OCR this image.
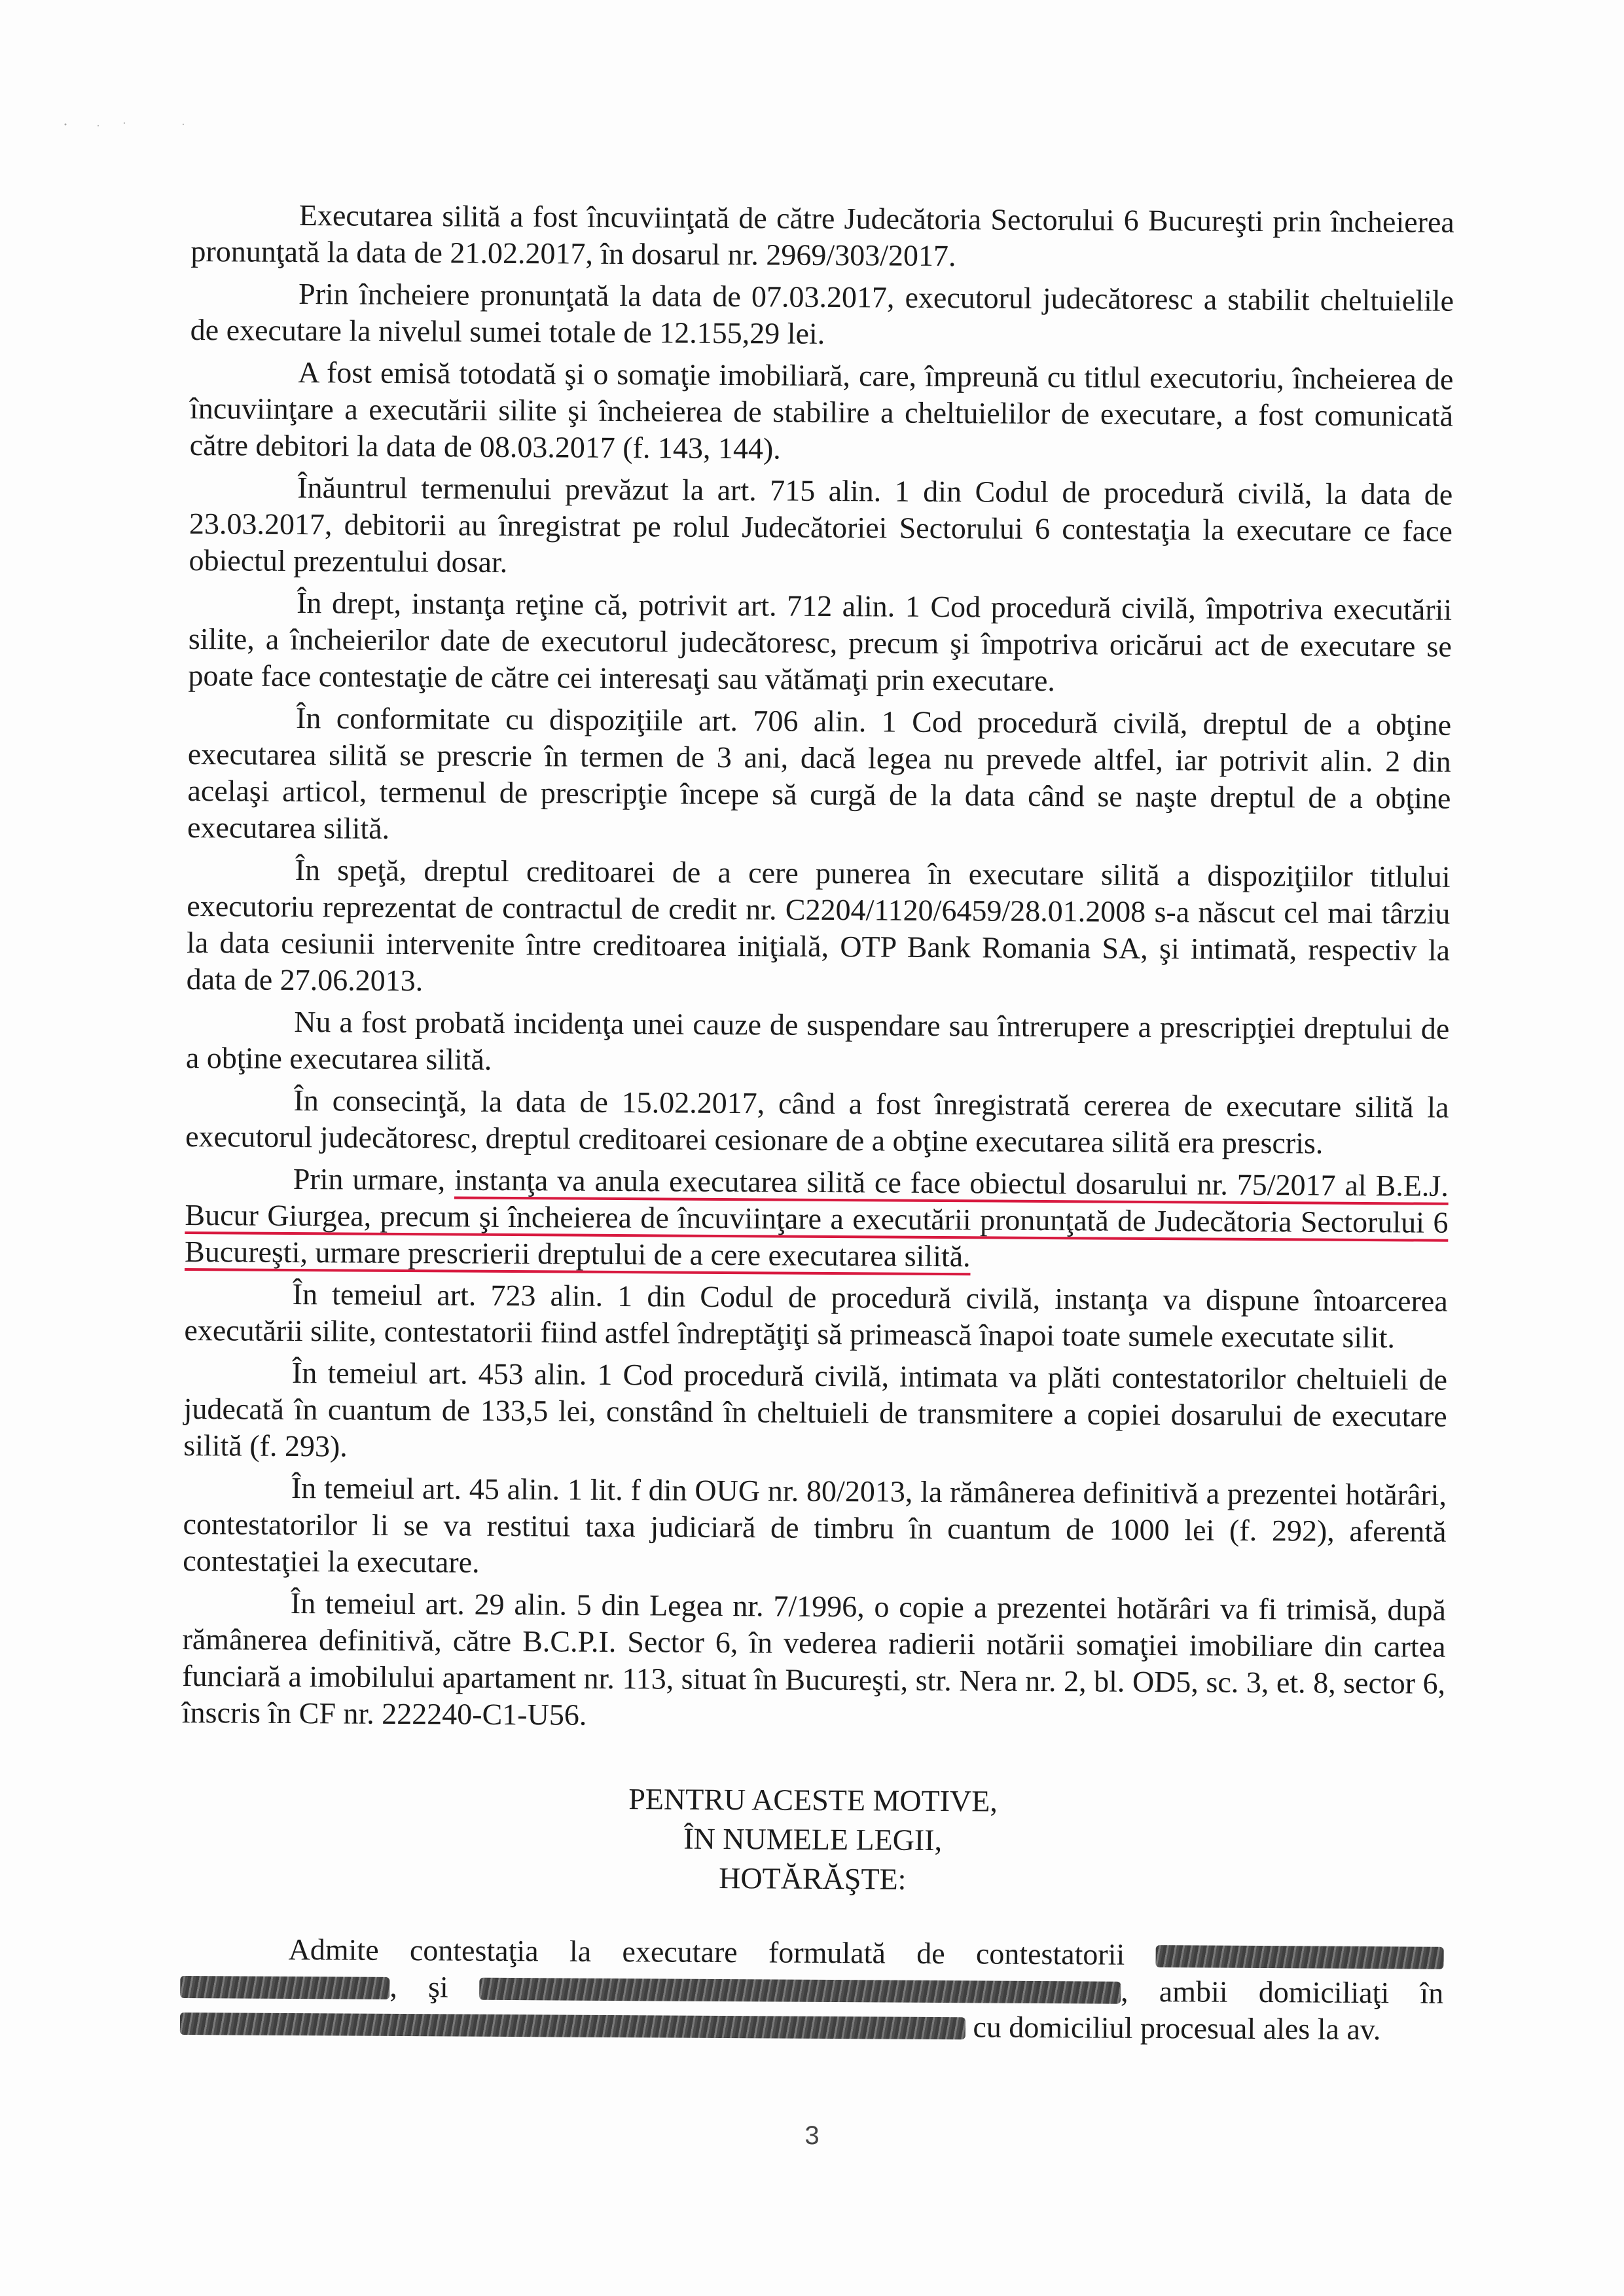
Executarea silită a fost încuviinţată de către Judecătoria Sectorului 6 Bucureşti prin încheierea pronunţată la data de 21.02.2017, în dosarul nr. 2969/303/2017.

Prin încheiere pronunţată la data de 07.03.2017, executorul judecătoresc a stabilit cheltuielile de executare la nivelul sumei totale de 12.155,29 lei.

A fost emisă totodată şi o somaţie imobiliară, care, împreună cu titlul executoriu, încheierea de încuviinţare a executării silite şi încheierea de stabilire a cheltuielilor de executare, a fost comunicată către debitori la data de 08.03.2017 (f. 143, 144).

Înăuntrul termenului prevăzut la art. 715 alin. 1 din Codul de procedură civilă, la data de 23.03.2017, debitorii au înregistrat pe rolul Judecătoriei Sectorului 6 contestaţia la executare ce face obiectul prezentului dosar.

În drept, instanţa reţine că, potrivit art. 712 alin. 1 Cod procedură civilă, împotriva executării silite, a încheierilor date de executorul judecătoresc, precum şi împotriva oricărui act de executare se poate face contestaţie de către cei interesaţi sau vătămaţi prin executare.

În conformitate cu dispoziţiile art. 706 alin. 1 Cod procedură civilă, dreptul de a obţine executarea silită se prescrie în termen de 3 ani, dacă legea nu prevede altfel, iar potrivit alin. 2 din acelaşi articol, termenul de prescripţie începe să curgă de la data când se naşte dreptul de a obţine executarea silită.

În speţă, dreptul creditoarei de a cere punerea în executare silită a dispoziţiilor titlului executoriu reprezentat de contractul de credit nr. C2204/1120/6459/28.01.2008 s-a născut cel mai târziu la data cesiunii intervenite între creditoarea iniţială, OTP Bank Romania SA, şi intimată, respectiv la data de 27.06.2013.

Nu a fost probată incidenţa unei cauze de suspendare sau întrerupere a prescripţiei dreptului de a obţine executarea silită.

În consecinţă, la data de 15.02.2017, când a fost înregistrată cererea de executare silită la executorul judecătoresc, dreptul creditoarei cesionare de a obţine executarea silită era prescris.

Prin urmare, instanţa va anula executarea silită ce face obiectul dosarului nr. 75/2017 al B.E.J. Bucur Giurgea, precum şi încheierea de încuviinţare a executării pronunţată de Judecătoria Sectorului 6 Bucureşti, urmare prescrierii dreptului de a cere executarea silită.

În temeiul art. 723 alin. 1 din Codul de procedură civilă, instanţa va dispune întoarcerea executării silite, contestatorii fiind astfel îndreptăţiţi să primească înapoi toate sumele executate silit.

În temeiul art. 453 alin. 1 Cod procedură civilă, intimata va plăti contestatorilor cheltuieli de judecată în cuantum de 133,5 lei, constând în cheltuieli de transmitere a copiei dosarului de executare silită (f. 293).

În temeiul art. 45 alin. 1 lit. f din OUG nr. 80/2013, la rămânerea definitivă a prezentei hotărâri, contestatorilor li se va restitui taxa judiciară de timbru în cuantum de 1000 lei (f. 292), aferentă contestaţiei la executare.

În temeiul art. 29 alin. 5 din Legea nr. 7/1996, o copie a prezentei hotărâri va fi trimisă, după rămânerea definitivă, către B.C.P.I. Sector 6, în vederea radierii notării somaţiei imobiliare din cartea funciară a imobilului apartament nr. 113, situat în Bucureşti, str. Nera nr. 2, bl. OD5, sc. 3, et. 8, sector 6, înscris în CF nr. 222240-C1-U56.

PENTRU ACESTE MOTIVE,
ÎN NUMELE LEGII,
HOTĂRĂŞTE:

Admite contestaţia la executare formulată de contestatorii  , şi	, ambii domiciliaţi în  cu domiciliul procesual ales la av.

3
